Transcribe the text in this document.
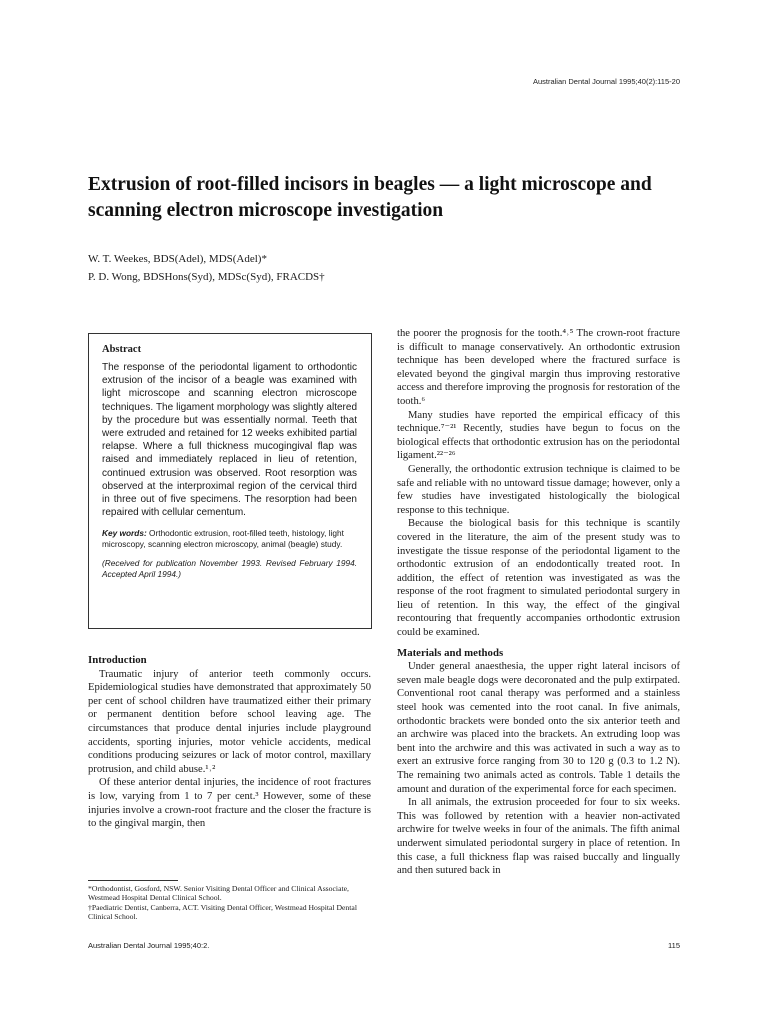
Australian Dental Journal 1995;40(2):115-20
Extrusion of root-filled incisors in beagles — a light microscope and scanning electron microscope investigation
W. T. Weekes, BDS(Adel), MDS(Adel)*
P. D. Wong, BDSHons(Syd), MDSc(Syd), FRACDS†

Abstract

The response of the periodontal ligament to orthodontic extrusion of the incisor of a beagle was examined with light microscope and scanning electron microscope techniques. The ligament morphology was slightly altered by the procedure but was essentially normal. Teeth that were extruded and retained for 12 weeks exhibited partial relapse. Where a full thickness mucogingival flap was raised and immediately replaced in lieu of retention, continued extrusion was observed. Root resorption was observed at the interproximal region of the cervical third in three out of five specimens. The resorption had been repaired with cellular cementum.

Key words: Orthodontic extrusion, root-filled teeth, histology, light microscopy, scanning electron microscopy, animal (beagle) study.

(Received for publication November 1993. Revised February 1994. Accepted April 1994.)

Introduction

Traumatic injury of anterior teeth commonly occurs. Epidemiological studies have demonstrated that approximately 50 per cent of school children have traumatized either their primary or permanent dentition before school leaving age. The circumstances that produce dental injuries include playground accidents, sporting injuries, motor vehicle accidents, medical conditions producing seizures or lack of motor control, maxillary protrusion, and child abuse.¹˒²

Of these anterior dental injuries, the incidence of root fractures is low, varying from 1 to 7 per cent.³ However, some of these injuries involve a crown-root fracture and the closer the fracture is to the gingival margin, then

the poorer the prognosis for the tooth.⁴˒⁵ The crown-root fracture is difficult to manage conservatively. An orthodontic extrusion technique has been developed where the fractured surface is elevated beyond the gingival margin thus improving restorative access and therefore improving the prognosis for restoration of the tooth.⁶

Many studies have reported the empirical efficacy of this technique.⁷⁻²¹ Recently, studies have begun to focus on the biological effects that orthodontic extrusion has on the periodontal ligament.²²⁻²⁶

Generally, the orthodontic extrusion technique is claimed to be safe and reliable with no untoward tissue damage; however, only a few studies have investigated histologically the biological response to this technique.

Because the biological basis for this technique is scantily covered in the literature, the aim of the present study was to investigate the tissue response of the periodontal ligament to the orthodontic extrusion of an endodontically treated root. In addition, the effect of retention was investigated as was the response of the root fragment to simulated periodontal surgery in lieu of retention. In this way, the effect of the gingival recontouring that frequently accompanies orthodontic extrusion could be examined.

Materials and methods

Under general anaesthesia, the upper right lateral incisors of seven male beagle dogs were decoronated and the pulp extirpated. Conventional root canal therapy was performed and a stainless steel hook was cemented into the root canal. In five animals, orthodontic brackets were bonded onto the six anterior teeth and an archwire was placed into the brackets. An extruding loop was bent into the archwire and this was activated in such a way as to exert an extrusive force ranging from 30 to 120 g (0.3 to 1.2 N). The remaining two animals acted as controls. Table 1 details the amount and duration of the experimental force for each specimen.

In all animals, the extrusion proceeded for four to six weeks. This was followed by retention with a heavier non-activated archwire for twelve weeks in four of the animals. The fifth animal underwent simulated periodontal surgery in place of retention. In this case, a full thickness flap was raised buccally and lingually and then sutured back in

*Orthodontist, Gosford, NSW. Senior Visiting Dental Officer and Clinical Associate, Westmead Hospital Dental Clinical School.

†Paediatric Dentist, Canberra, ACT. Visiting Dental Officer, Westmead Hospital Dental Clinical School.

Australian Dental Journal 1995;40:2.	115
